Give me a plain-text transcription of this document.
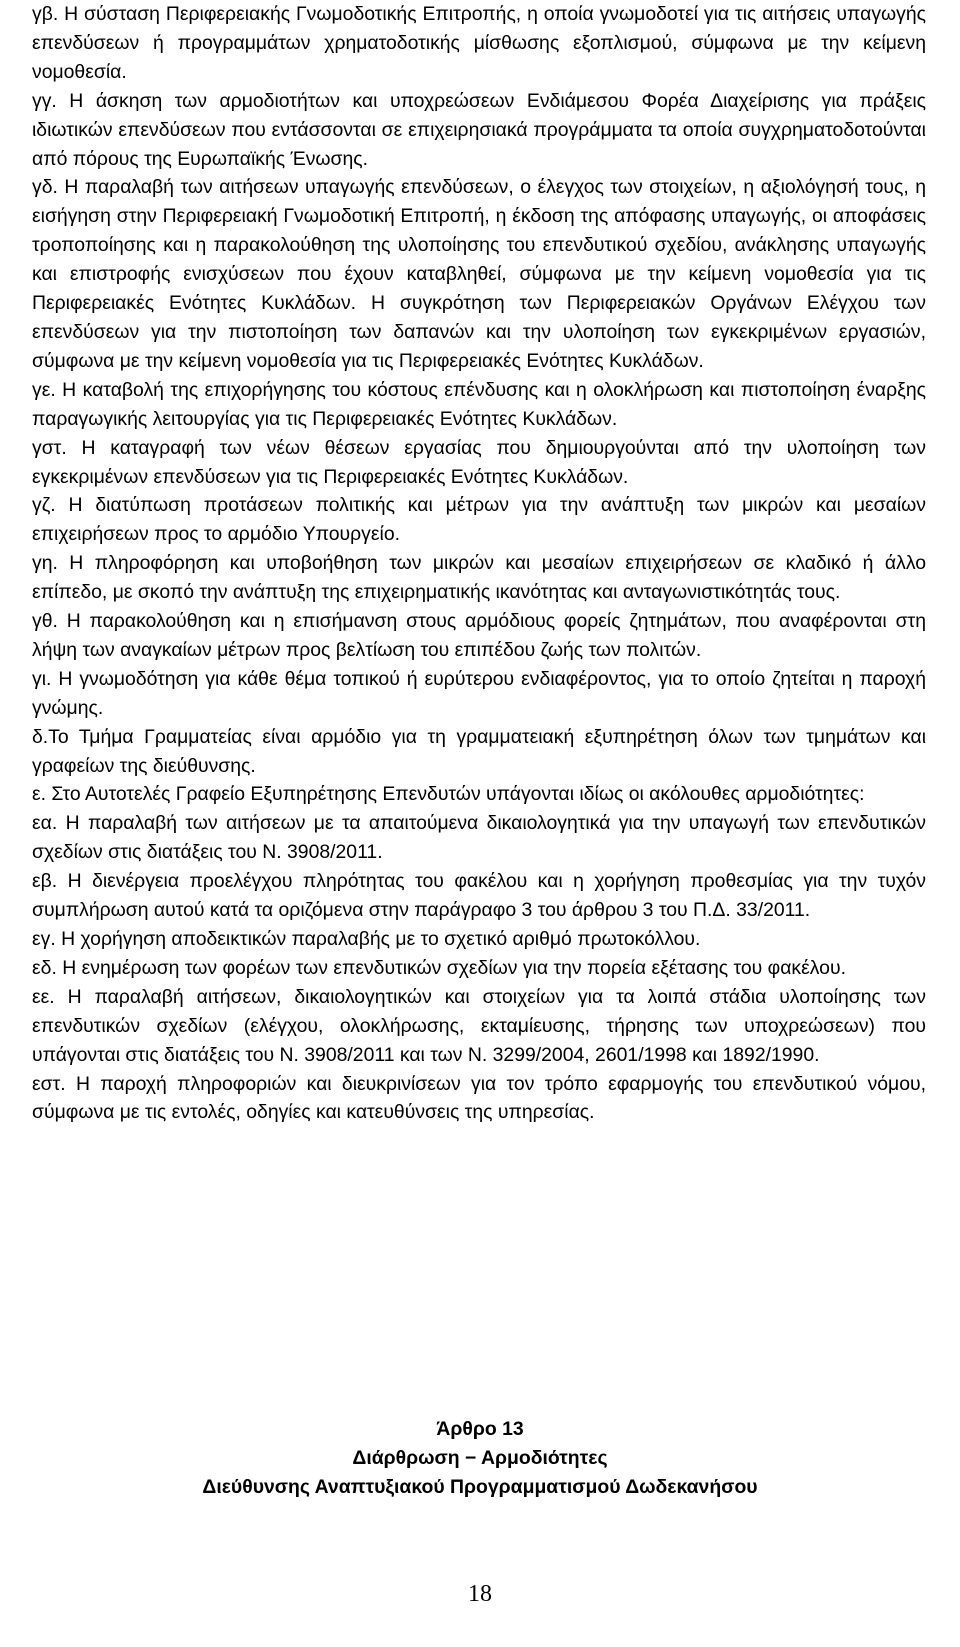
γβ. Η σύσταση Περιφερειακής Γνωμοδοτικής Επιτροπής, η οποία γνωμοδοτεί για τις αιτήσεις υπαγωγής επενδύσεων ή προγραμμάτων χρηματοδοτικής μίσθωσης εξοπλισμού, σύμφωνα με την κείμενη νομοθεσία.

γγ. Η άσκηση των αρμοδιοτήτων και υποχρεώσεων Ενδιάμεσου Φορέα Διαχείρισης για πράξεις ιδιωτικών επενδύσεων που εντάσσονται σε επιχειρησιακά προγράμματα τα οποία συγχρηματοδοτούνται από πόρους της Ευρωπαϊκής Ένωσης.

γδ. Η παραλαβή των αιτήσεων υπαγωγής επενδύσεων, ο έλεγχος των στοιχείων, η αξιολόγησή τους, η εισήγηση στην Περιφερειακή Γνωμοδοτική Επιτροπή, η έκδοση της απόφασης υπαγωγής, οι αποφάσεις τροποποίησης και η παρακολούθηση της υλοποίησης του επενδυτικού σχεδίου, ανάκλησης υπαγωγής και επιστροφής ενισχύσεων που έχουν καταβληθεί, σύμφωνα με την κείμενη νομοθεσία για τις Περιφερειακές Ενότητες Κυκλάδων. Η συγκρότηση των Περιφερειακών Οργάνων Ελέγχου των επενδύσεων για την πιστοποίηση των δαπανών και την υλοποίηση των εγκεκριμένων εργασιών, σύμφωνα με την κείμενη νομοθεσία για τις Περιφερειακές Ενότητες Κυκλάδων.

γε. Η καταβολή της επιχορήγησης του κόστους επένδυσης και η ολοκλήρωση και πιστοποίηση έναρξης παραγωγικής λειτουργίας για τις Περιφερειακές Ενότητες Κυκλάδων.

γστ. Η καταγραφή των νέων θέσεων εργασίας που δημιουργούνται από την υλοποίηση των εγκεκριμένων επενδύσεων για τις Περιφερειακές Ενότητες Κυκλάδων.

γζ. Η διατύπωση προτάσεων πολιτικής και μέτρων για την ανάπτυξη των μικρών και μεσαίων επιχειρήσεων προς το αρμόδιο Υπουργείο.

γη. Η πληροφόρηση και υποβοήθηση των μικρών και μεσαίων επιχειρήσεων σε κλαδικό ή άλλο επίπεδο, με σκοπό την ανάπτυξη της επιχειρηματικής ικανότητας και ανταγωνιστικότητάς τους.

γθ. Η παρακολούθηση και η επισήμανση στους αρμόδιους φορείς ζητημάτων, που αναφέρονται στη λήψη των αναγκαίων μέτρων προς βελτίωση του επιπέδου ζωής των πολιτών.

γι. Η γνωμοδότηση για κάθε θέμα τοπικού ή ευρύτερου ενδιαφέροντος, για το οποίο ζητείται η παροχή γνώμης.

δ.Το Τμήμα Γραμματείας είναι αρμόδιο για τη γραμματειακή εξυπηρέτηση όλων των τμημάτων και γραφείων της διεύθυνσης.

ε. Στο Αυτοτελές Γραφείο Εξυπηρέτησης Επενδυτών υπάγονται ιδίως οι ακόλουθες αρμοδιότητες:

εα. Η παραλαβή των αιτήσεων με τα απαιτούμενα δικαιολογητικά για την υπαγωγή των επενδυτικών σχεδίων στις διατάξεις του Ν. 3908/2011.

εβ. Η διενέργεια προελέγχου πληρότητας του φακέλου και η χορήγηση προθεσμίας για την τυχόν συμπλήρωση αυτού κατά τα οριζόμενα στην παράγραφο 3 του άρθρου 3 του Π.Δ. 33/2011.

εγ. Η χορήγηση αποδεικτικών παραλαβής με το σχετικό αριθμό πρωτοκόλλου.

εδ. Η ενημέρωση των φορέων των επενδυτικών σχεδίων για την πορεία εξέτασης του φακέλου.

εε. Η παραλαβή αιτήσεων, δικαιολογητικών και στοιχείων για τα λοιπά στάδια υλοποίησης των επενδυτικών σχεδίων (ελέγχου, ολοκλήρωσης, εκταμίευσης, τήρησης των υποχρεώσεων) που υπάγονται στις διατάξεις του Ν. 3908/2011 και των Ν. 3299/2004, 2601/1998 και 1892/1990.

εστ. Η παροχή πληροφοριών και διευκρινίσεων για τον τρόπο εφαρμογής του επενδυτικού νόμου, σύμφωνα με τις εντολές, οδηγίες και κατευθύνσεις της υπηρεσίας.

Άρθρο 13
Διάρθρωση − Αρμοδιότητες
Διεύθυνσης Αναπτυξιακού Προγραμματισμού Δωδεκανήσου
18
